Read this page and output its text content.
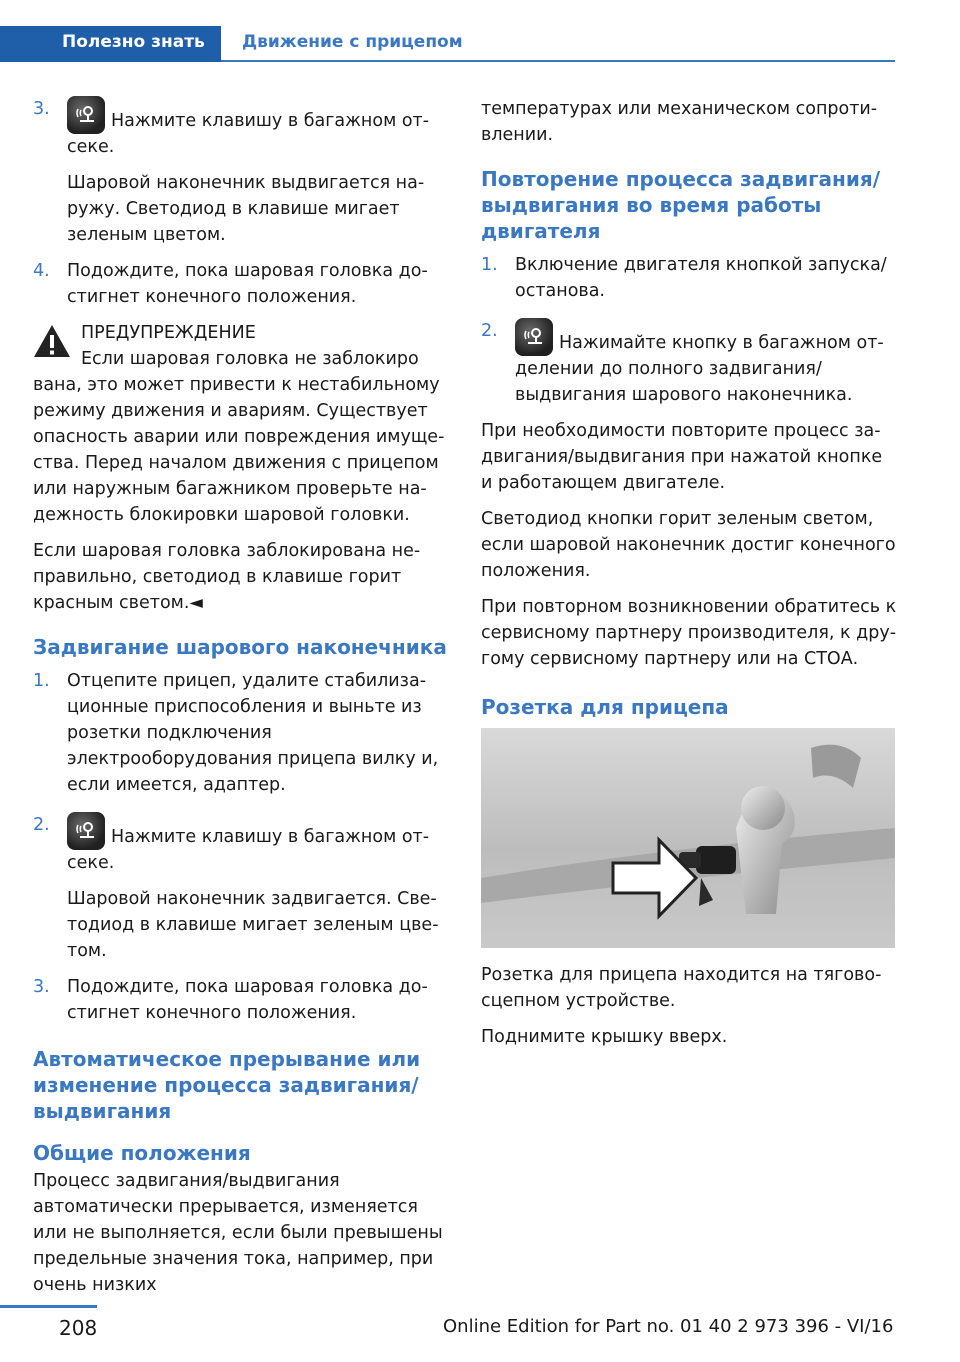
Полезно знать Движение с прицепом
3.

Нажмите клавишу в багажном отсеке.

Шаровой наконечник выдвигается наружу. Светодиод в клавише мигает зеленым цветом.

4. Подождите, пока шаровая головка достигнет конечного положения.

ПРЕДУПРЕЖДЕНИЕ

Если шаровая головка не заблокиро

вана, это может привести к нестабильному режиму движения и авариям. Существует опасность аварии или повреждения имущества. Перед началом движения с прицепом или наружным багажником проверьте надежность блокировки шаровой головки.

Если шаровая головка заблокирована неправильно, светодиод в клавише горит красным светом.◄

Задвигание шарового наконечника
1. Отцепите прицеп, удалите стабилизационные приспособления и выньте из розетки подключения электрооборудования прицепа вилку и, если имеется, адаптер.

2.

Нажмите клавишу в багажном отсеке.

Шаровой наконечник задвигается. Светодиод в клавише мигает зеленым цветом.

3. Подождите, пока шаровая головка достигнет конечного положения.

Автоматическое прерывание или изменение процесса задвигания/ выдвигания
Общие положения

Процесс задвигания/выдвигания автоматически прерывается, изменяется или не выполняется, если были превышены предельные значения тока, например, при очень низких

температурах или механическом сопротивлении.

Повторение процесса задвигания/ выдвигания во время работы двигателя
1. Включение двигателя кнопкой запуска/ останова.

2.

Нажимайте кнопку в багажном отделении до полного задвигания/выдвигания шарового наконечника.

При необходимости повторите процесс задвигания/выдвигания при нажатой кнопке и работающем двигателе.

Светодиод кнопки горит зеленым светом, если шаровой наконечник достиг конечного положения.

При повторном возникновении обратитесь к сервисному партнеру производителя, к другому сервисному партнеру или на СТОА.

Розетка для прицепа

Розетка для прицепа находится на тягово-сцепном устройстве.

Поднимите крышку вверх.

208	Online Edition for Part no. 01 40 2 973 396 - VI/16
